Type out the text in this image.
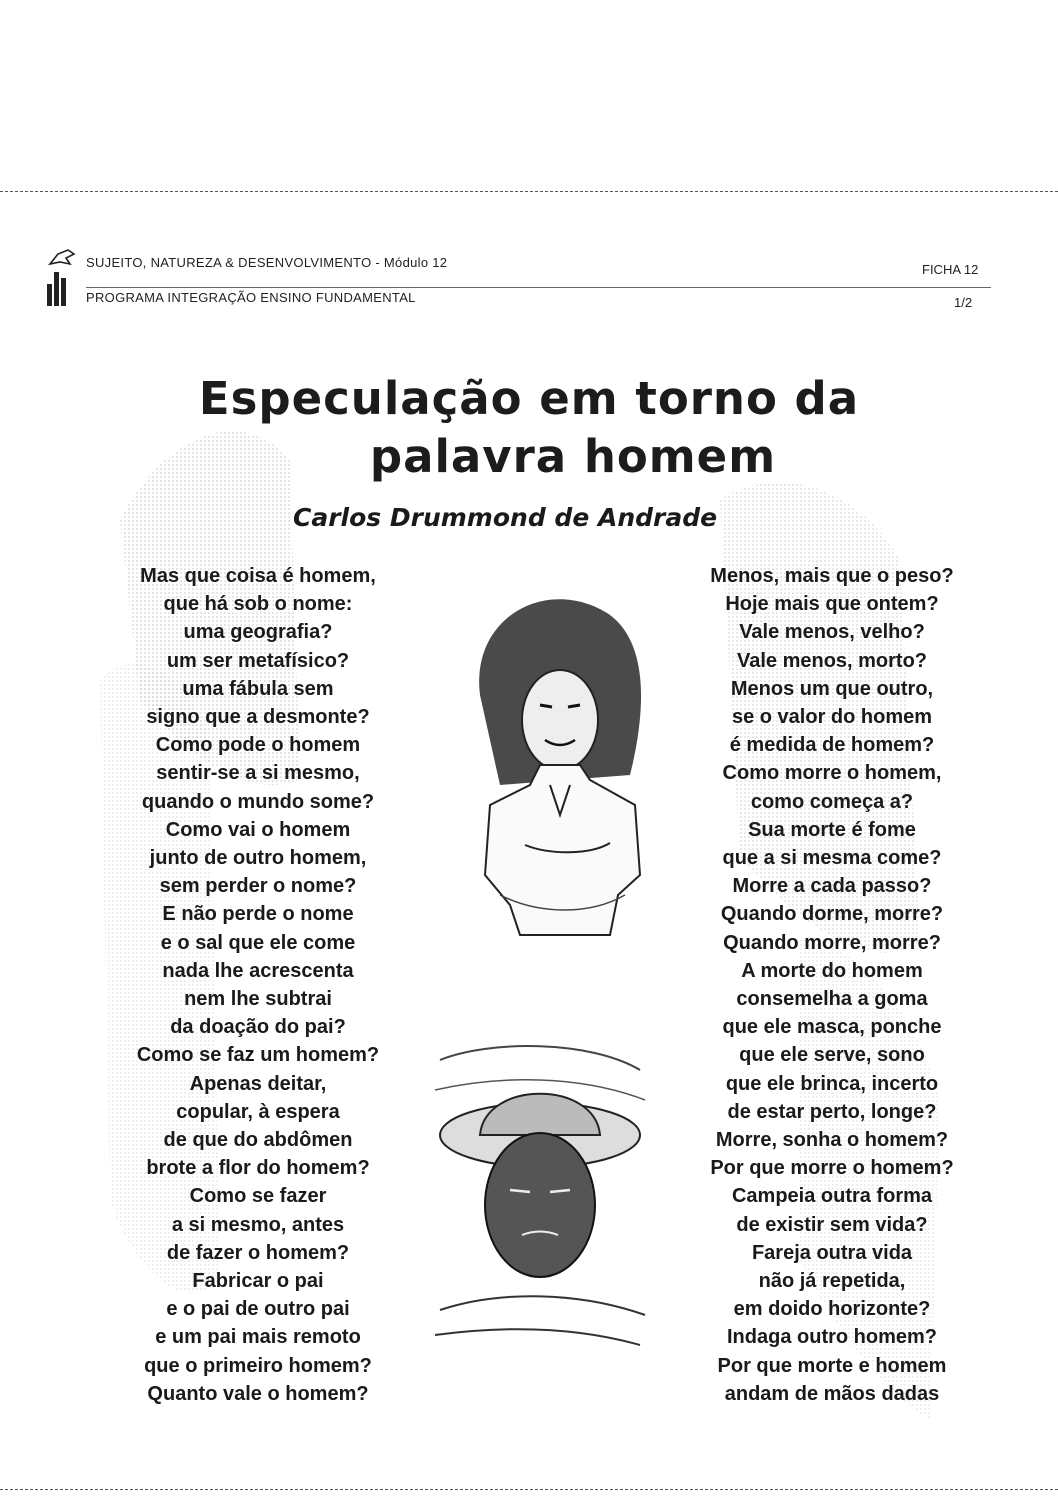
SUJEITO, NATUREZA & DESENVOLVIMENTO - Módulo 12
PROGRAMA INTEGRAÇÃO ENSINO FUNDAMENTAL
FICHA 12
1/2
Especulação em torno da
palavra homem
Carlos Drummond de Andrade
Mas que coisa é homem,
que há sob o nome:
uma geografia?
um ser metafísico?
uma fábula sem
signo que a desmonte?
Como pode o homem
sentir-se a si mesmo,
quando o mundo some?
Como vai o homem
junto de outro homem,
sem perder o nome?
E não perde o nome
e o sal que ele come
nada lhe acrescenta
nem lhe subtrai
da doação do pai?
Como se faz um homem?
Apenas deitar,
copular, à espera
de que do abdômen
brote a flor do homem?
Como se fazer
a si mesmo, antes
de fazer o homem?
Fabricar o pai
e o pai de outro pai
e um pai mais remoto
que o primeiro homem?
Quanto vale o homem?
Menos, mais que o peso?
Hoje mais que ontem?
Vale menos, velho?
Vale menos, morto?
Menos um que outro,
se o valor do homem
é medida de homem?
Como morre o homem,
como começa a?
Sua morte é fome
que a si mesma come?
Morre a cada passo?
Quando dorme, morre?
Quando morre, morre?
A morte do homem
consemelha a goma
que ele masca, ponche
que ele serve, sono
que ele brinca, incerto
de estar perto, longe?
Morre, sonha o homem?
Por que morre o homem?
Campeia outra forma
de existir sem vida?
Fareja outra vida
não já repetida,
em doido horizonte?
Indaga outro homem?
Por que morte e homem
andam de mãos dadas
